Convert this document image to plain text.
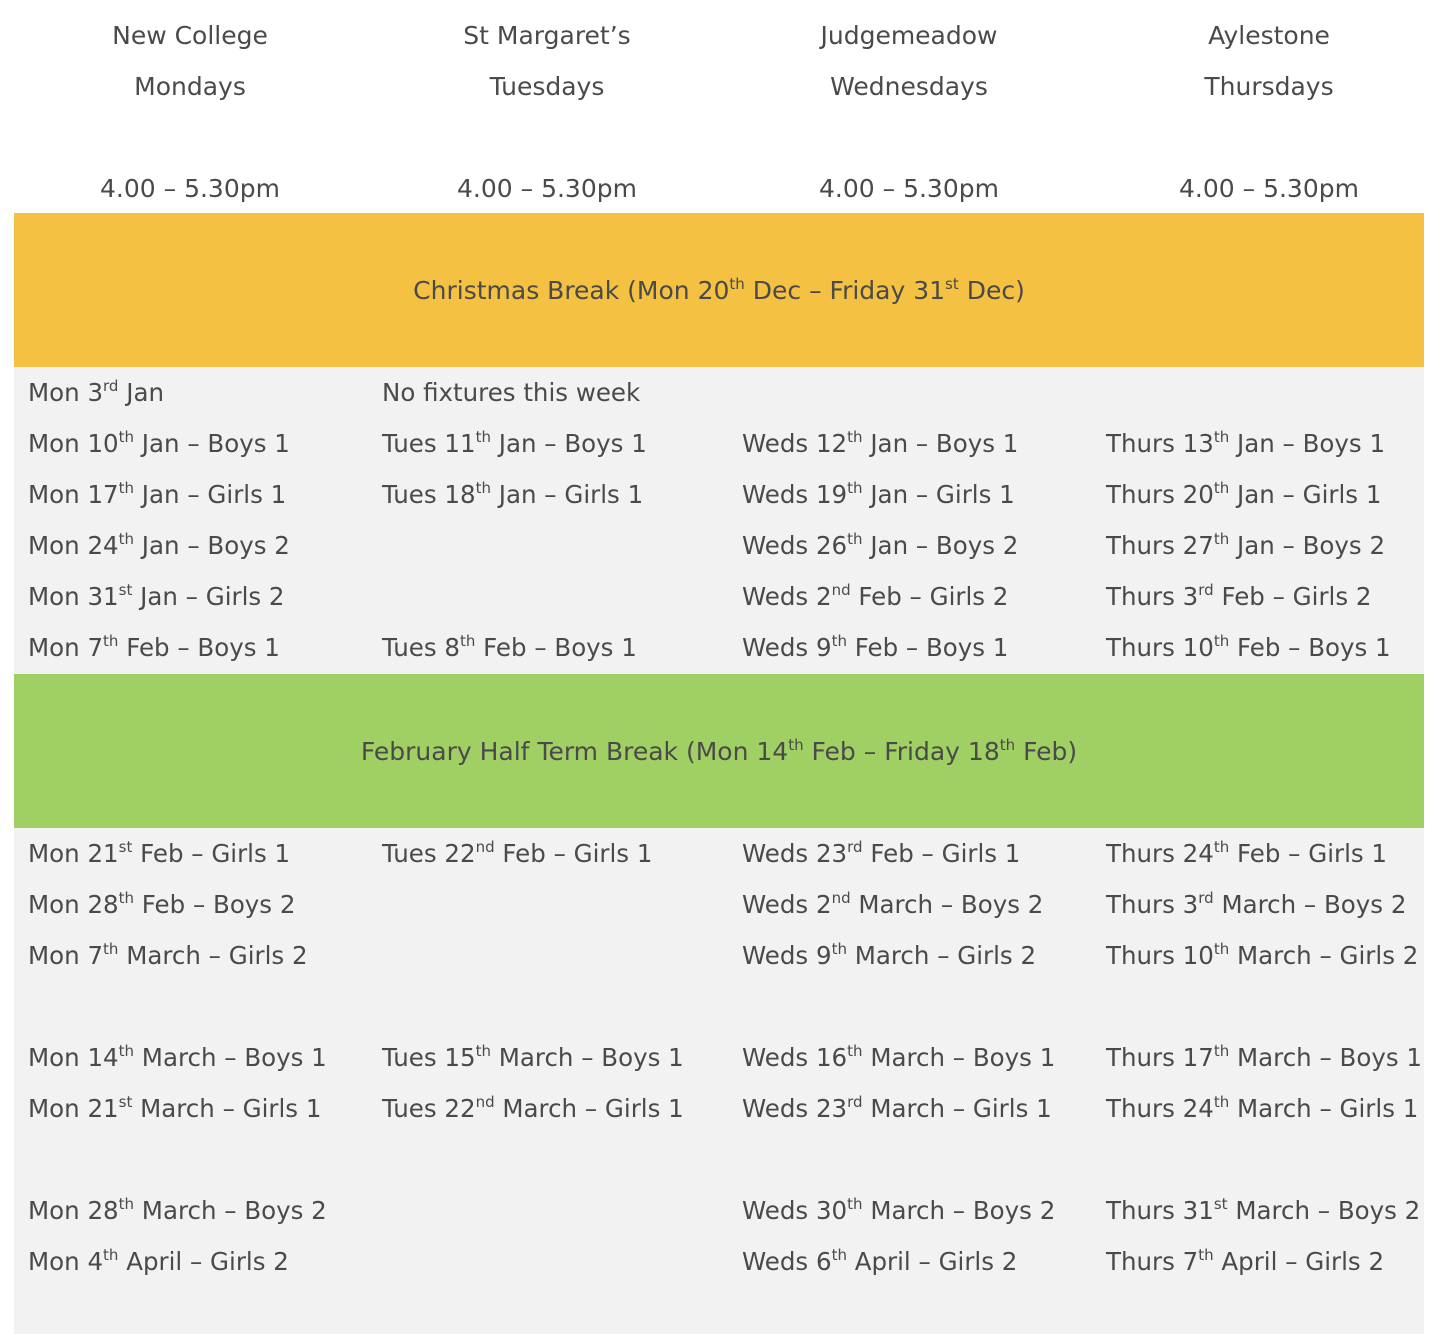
New College
Mondays
4.00 – 5.30pm
St Margaret’s
Tuesdays
4.00 – 5.30pm
Judgemeadow
Wednesdays
4.00 – 5.30pm
Aylestone
Thursdays
4.00 – 5.30pm
Christmas Break (Mon 20th Dec – Friday 31st Dec)
Mon 3rd Jan
Mon 10th Jan – Boys 1
Mon 17th Jan – Girls 1
Mon 24th Jan – Boys 2
Mon 31st Jan – Girls 2
Mon 7th Feb – Boys 1
No fixtures this week
Tues 11th Jan – Boys 1
Tues 18th Jan – Girls 1
Tues 8th Feb – Boys 1
Weds 12th Jan – Boys 1
Weds 19th Jan – Girls 1
Weds 26th Jan – Boys 2
Weds 2nd Feb – Girls 2
Weds 9th Feb – Boys 1
Thurs 13th Jan – Boys 1
Thurs 20th Jan – Girls 1
Thurs 27th Jan – Boys 2
Thurs 3rd Feb – Girls 2
Thurs 10th Feb – Boys 1
February Half Term Break (Mon 14th Feb – Friday 18th Feb)
Mon 21st Feb – Girls 1
Mon 28th Feb – Boys 2
Mon 7th March – Girls 2
Mon 14th March – Boys 1
Mon 21st March – Girls 1
Mon 28th March – Boys 2
Mon 4th April – Girls 2
Tues 22nd Feb – Girls 1
Tues 15th March – Boys 1
Tues 22nd March – Girls 1
Weds 23rd Feb – Girls 1
Weds 2nd March – Boys 2
Weds 9th March – Girls 2
Weds 16th March – Boys 1
Weds 23rd March – Girls 1
Weds 30th March – Boys 2
Weds 6th April – Girls 2
Thurs 24th Feb – Girls 1
Thurs 3rd March – Boys 2
Thurs 10th March – Girls 2
Thurs 17th March – Boys 1
Thurs 24th March – Girls 1
Thurs 31st March – Boys 2
Thurs 7th April – Girls 2
